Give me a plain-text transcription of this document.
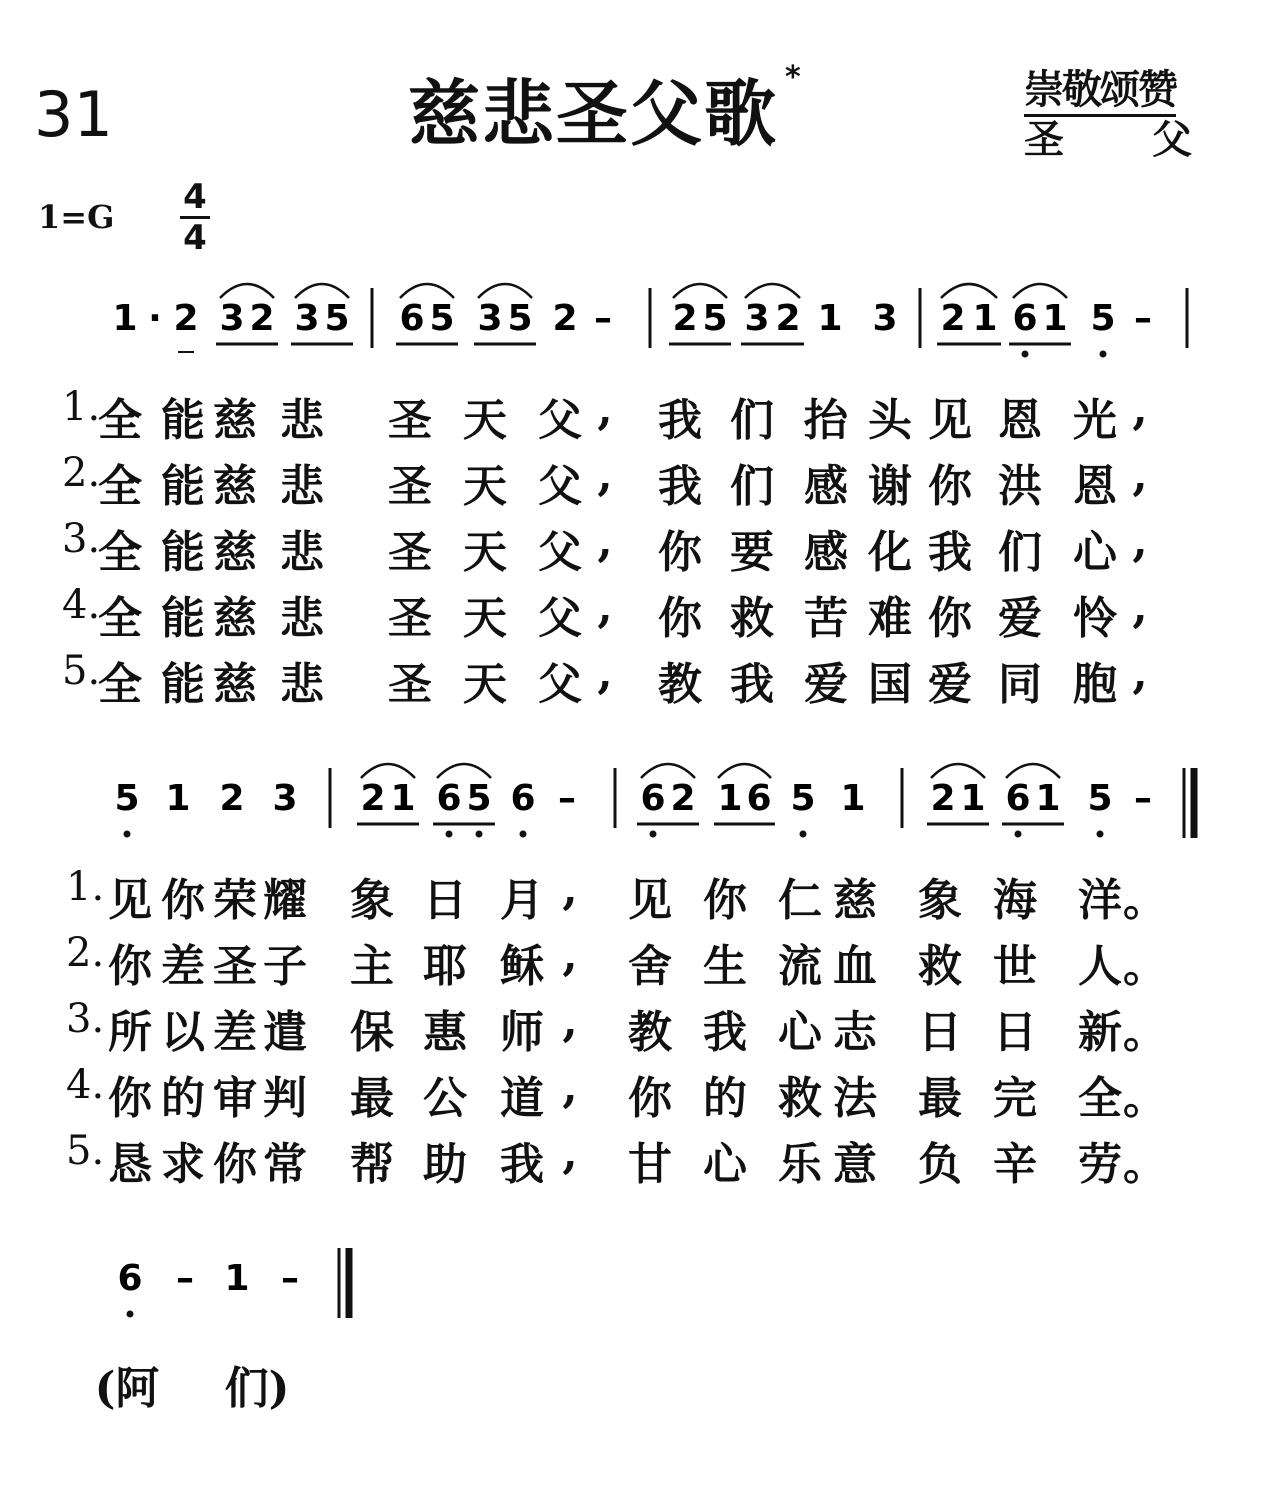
31	慈悲圣父歌 *	崇敬颂赞
圣 父
1=G 4
4
1 · 2 3 2 3 5 6 5 3 5 2 – 2 5 3 2 1 3 2 1 6 1 5 –
5 1 2 3 2 1 6 5 6 – 6 2 1 6 5 1 2 1 6 1 5 –
6 – 1 –
1.
全 能 慈 悲 圣 天 父 ,	我 们 抬 头 见 恩 光 ,
2.
全 能 慈 悲 圣 天 父 ,	我 们 感 谢 你 洪 恩 ,
3.
全 能 慈 悲 圣 天 父 ,	你 要 感 化 我 们 心 ,
4.
全 能 慈 悲 圣 天 父 ,	你 救 苦 难 你 爱 怜 ,
5.
全 能 慈 悲 圣 天 父 ,	教 我 爱 国 爱 同 胞 ,
1. 见 你 荣 耀 象 日 月 ,	见 你 仁 慈 象 海 洋 。
2. 你 差 圣 子 主 耶 稣 ,	舍 生 流 血 救 世 人 。
3. 所 以 差 遣 保 惠 师 ,	教 我 心 志 日 日 新 。
4. 你 的 审 判 最 公 道 ,	你 的 救 法 最 完 全 。
5. 恳 求 你 常 帮 助 我 ,	甘 心 乐 意 负 辛 劳 。
(阿 们)
